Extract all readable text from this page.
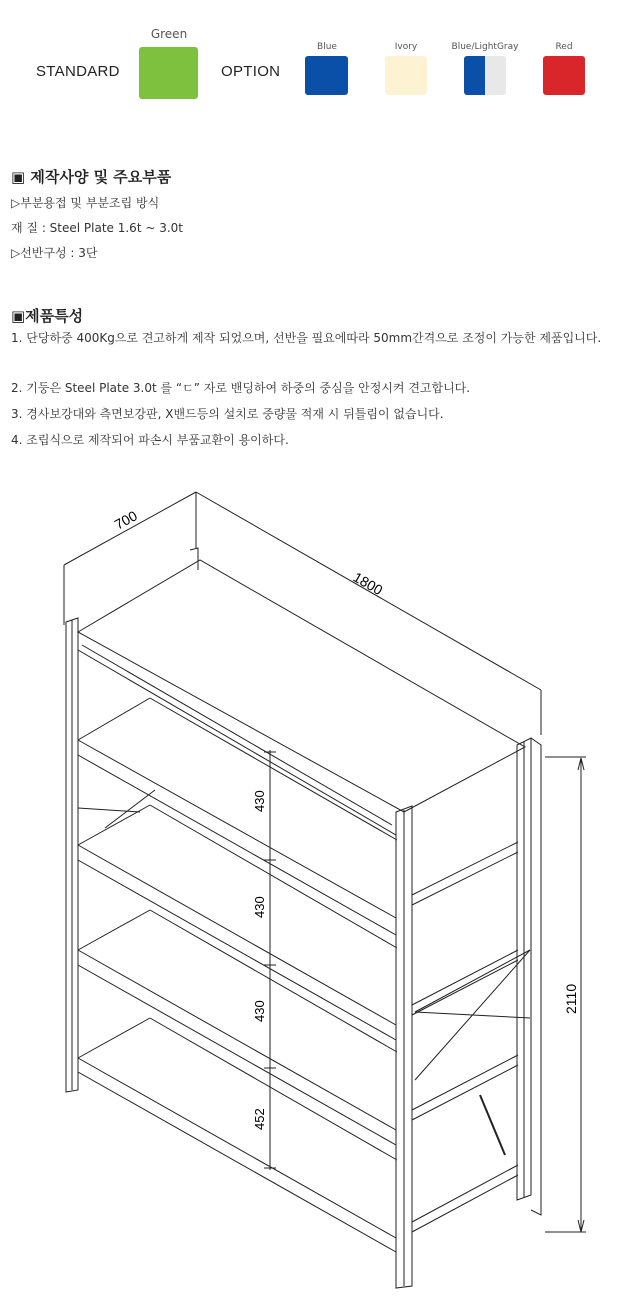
STANDARD
Green
OPTION
Blue	Ivory	Blue/LightGray	Red
▣ 제작사양 및 주요부품
▷부분용접 및 부분조립 방식
재 질 : Steel Plate 1.6t ~ 3.0t
▷선반구성 : 3단
▣제품특성
1. 단당하중 400Kg으로 견고하게 제작 되었으며, 선반을 필요에따라 50mm간격으로 조정이 가능한 제품입니다.
2. 기둥은 Steel Plate 3.0t 를 “ㄷ” 자로 밴딩하여 하중의 중심을 안정시켜 견고합니다.
3. 경사보강대와 측면보강판, X밴드등의 설치로 중량물 적재 시 뒤틀림이 없습니다.
4. 조립식으로 제작되어 파손시 부품교환이 용이하다.
700
1800
2110
430
430
430
452
